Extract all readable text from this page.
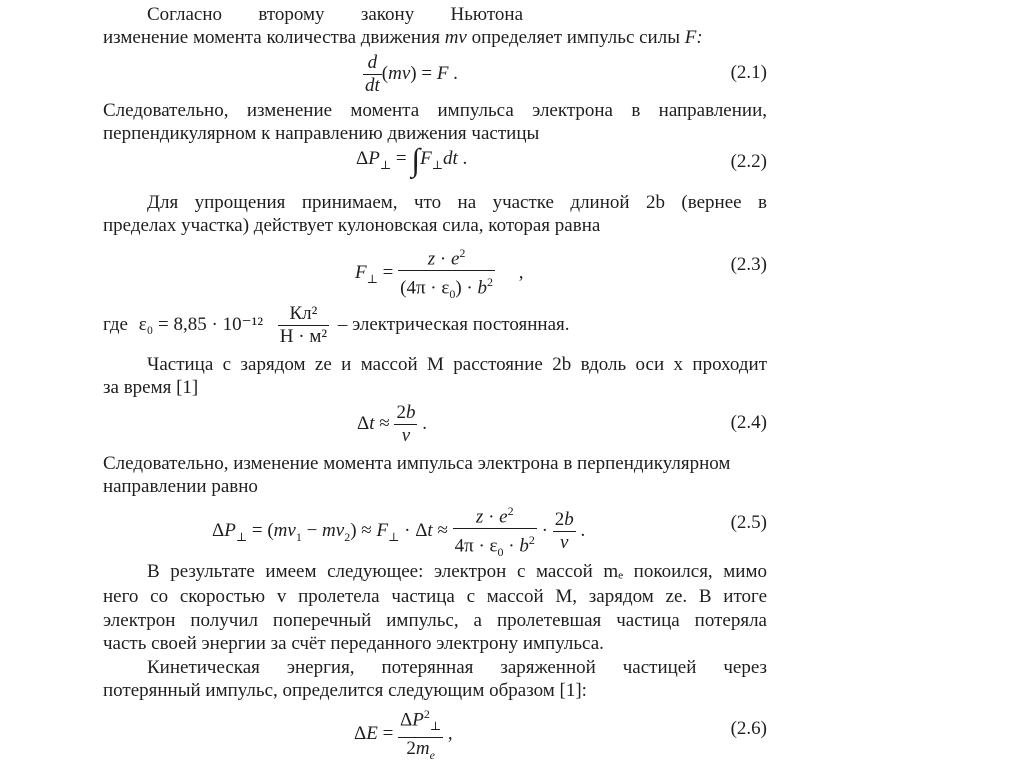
Согласно второму закону Ньютона
изменение момента количества движения mv определяет импульс силы F:
$\frac{d}{dt} (mv) = F$ .	(2.1)
Следовательно, изменение момента импульса электрона в направлении,
перпендикулярном к направлению движения частицы
$\Delta P_\perp = \int F_\perp dt$ .	(2.2)
Для упрощения принимаем, что на участке длиной 2b (вернее в
пределах участка) действует кулоновская сила, которая равна
$F_\perp = \frac{z \cdot e^2}{(4\pi \cdot \varepsilon_0) \cdot b^2}$ ,	(2.3)
где $\varepsilon_0 = 8,85 \cdot 10^{-12} \frac{\text{Кл²}}{\text{Н · м²}}$ – электрическая постоянная.
Частица с зарядом ze и массой M расстояние 2b вдоль оси x проходит
за время [1]
$\Delta t \approx \frac{2b}{v}$ .	(2.4)
Следовательно, изменение момента импульса электрона в перпендикулярном
направлении равно
$\Delta P_\perp = (mv_1 - mv_2) \approx F_\perp \cdot \Delta t \approx \frac{z \cdot e^2}{4\pi \cdot \varepsilon_0 \cdot b^2} \cdot \frac{2b}{v}$ .	(2.5)
В результате имеем следующее: электрон с массой mₑ покоился, мимо
него со скоростью v пролетела частица с массой M, зарядом ze. В итоге
электрон получил поперечный импульс, а пролетевшая частица потеряла
часть своей энергии за счёт переданного электрону импульса.
Кинетическая энергия, потерянная заряженной частицей через
потерянный импульс, определится следующим образом [1]:
$\Delta E = \frac{\Delta P^2_\perp}{2m_e}$ ,	(2.6)
